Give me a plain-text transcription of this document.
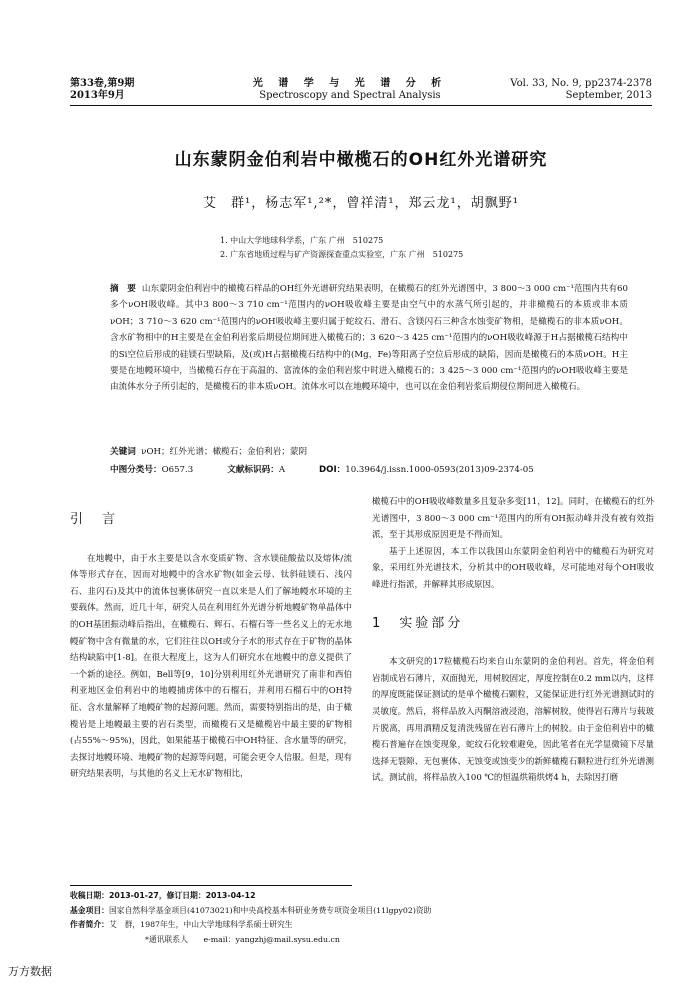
第33卷,第9期
2013年9月
光 谱 学 与 光 谱 分 析
Spectroscopy and Spectral Analysis
Vol. 33, No. 9, pp2374-2378
September, 2013
山东蒙阴金伯利岩中橄榄石的OH红外光谱研究
艾　群¹，杨志军¹,²*，曾祥清¹，郑云龙¹，胡飘野¹
1. 中山大学地球科学系，广东 广州　510275
2. 广东省地质过程与矿产资源探查重点实验室，广东 广州　510275
摘　要 山东蒙阴金伯利岩中的橄榄石样品的OH红外光谱研究结果表明，在橄榄石的红外光谱图中，3 800～3 000 cm⁻¹范围内共有60多个νOH吸收峰。其中3 800～3 710 cm⁻¹范围内的νOH吸收峰主要是由空气中的水蒸气所引起的，并非橄榄石的本质或非本质νOH；3 710～3 620 cm⁻¹范围内的νOH吸收峰主要归属于蛇纹石、滑石、含镁闪石三种含水蚀变矿物相，是橄榄石的非本质νOH。含水矿物相中的H主要是在金伯利岩浆后期侵位期间进入橄榄石的；3 620～3 425 cm⁻¹范围内的νOH吸收峰源于H占据橄榄石结构中的Si空位后形成的硅镁石型缺陷，及(或)H占据橄榄石结构中的(Mg，Fe)等阳离子空位后形成的缺陷，因而是橄榄石的本质νOH。H主要是在地幔环境中，当橄榄石存在于高温的、富流体的金伯利岩浆中时进入橄榄石的；3 425～3 000 cm⁻¹范围内的νOH吸收峰主要是由流体水分子所引起的，是橄榄石的非本质νOH。流体水可以在地幔环境中，也可以在金伯利岩浆后期侵位期间进入橄榄石。
关键词 νOH；红外光谱；橄榄石；金伯利岩；蒙阴
中图分类号：O657.3	文献标识码：A	DOI：10.3964/j.issn.1000-0593(2013)09-2374-05
引　言

在地幔中，由于水主要是以含水变质矿物、含水镁硅酸盐以及熔体/流体等形式存在，因而对地幔中的含水矿物(如金云母、钛斜硅镁石、浅闪石、韭闪石)及其中的流体包裹体研究一直以来是人们了解地幔水环境的主要载体。然而，近几十年，研究人员在利用红外光谱分析地幔矿物单晶体中的OH基团振动峰后指出，在橄榄石、辉石、石榴石等一些名义上的无水地幔矿物中含有微量的水，它们往往以OH或分子水的形式存在于矿物的晶体结构缺陷中[1-8]。在很大程度上，这为人们研究水在地幔中的意义提供了一个新的途径。例如，Bell等[9，10]分别利用红外光谱研究了南非和西伯利亚地区金伯利岩中的地幔捕虏体中的石榴石，并利用石榴石中的OH特征、含水量解释了地幔矿物的起源问题。然而，需要特别指出的是，由于橄榄岩是上地幔最主要的岩石类型，而橄榄石又是橄榄岩中最主要的矿物相(占55%～95%)，因此，如果能基于橄榄石中OH特征、含水量等的研究，去探讨地幔环境、地幔矿物的起源等问题，可能会更令人信服。但是，现有研究结果表明，与其他的名义上无水矿物相比，

橄榄石中的OH吸收峰数量多且复杂多变[11，12]。同时，在橄榄石的红外光谱图中，3 800～3 000 cm⁻¹范围内的所有OH振动峰并没有被有效指派，至于其形成原因更是不得而知。

基于上述原因，本工作以我国山东蒙阴金伯利岩中的橄榄石为研究对象，采用红外光谱技术，分析其中的OH吸收峰，尽可能地对每个OH吸收峰进行指派，并解释其形成原因。

1　实验部分

本文研究的17粒橄榄石均来自山东蒙阴的金伯利岩。首先，将金伯利岩制成岩石薄片，双面抛光，用树胶固定，厚度控制在0.2 mm以内，这样的厚度既能保证测试的是单个橄榄石颗粒，又能保证进行红外光谱测试时的灵敏度。然后，将样品放入丙酮溶液浸泡，溶解树胶，使得岩石薄片与载玻片脱离，再用酒精反复清洗残留在岩石薄片上的树胶。由于金伯利岩中的橄榄石普遍存在蚀变现象，蛇纹石化较难避免，因此笔者在光学显微镜下尽量选择无裂隙、无包裹体、无蚀变或蚀变少的新鲜橄榄石颗粒进行红外光谱测试。测试前，将样品放入100 ℃的恒温烘箱烘烤4 h，去除因打磨

收稿日期：2013-01-27，修订日期：2013-04-12
基金项目：国家自然科学基金项目(41073021)和中央高校基本科研业务费专项资金项目(11lgpy02)资助
作者简介：艾　群，1987年生，中山大学地球科学系硕士研究生
*通讯联系人　　 e-mail：yangzhj@mail.sysu.edu.cn
万方数据
